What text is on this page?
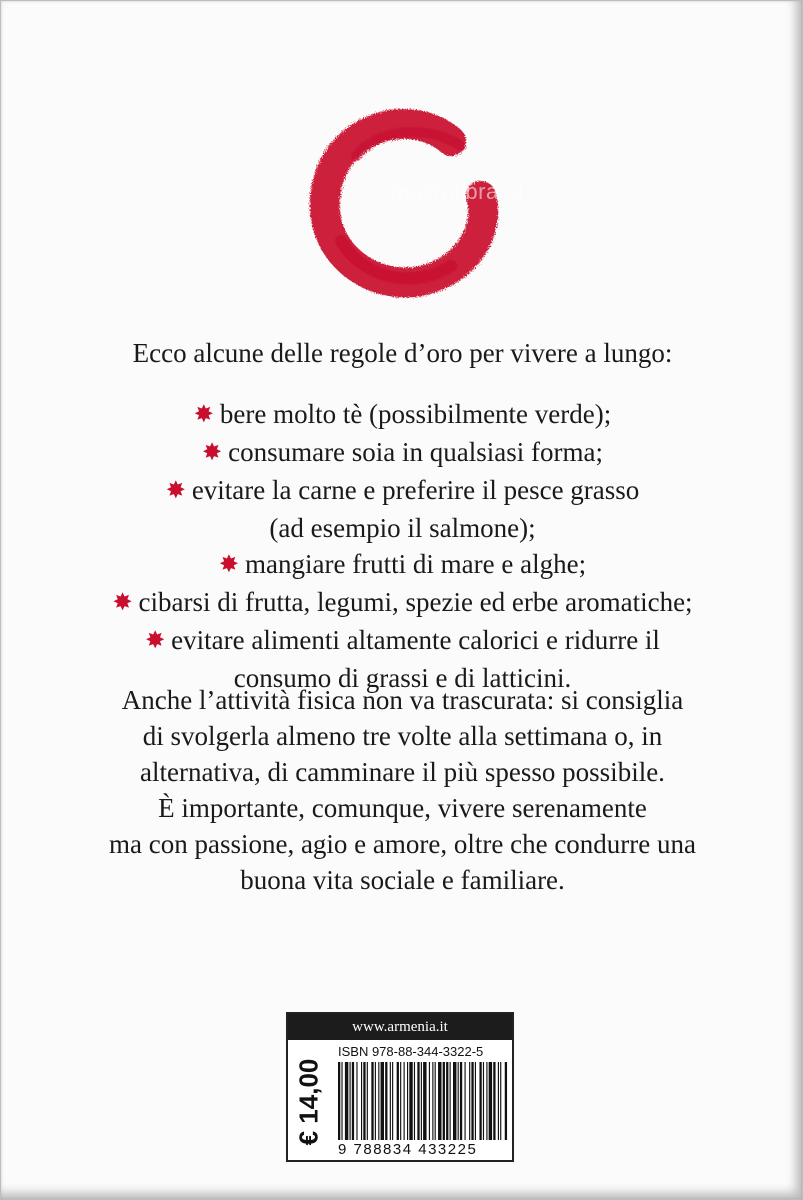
macrolibrarsi
Ecco alcune delle regole d’oro per vivere a lungo:
✸ bere molto tè (possibilmente verde);
✸ consumare soia in qualsiasi forma;
✸ evitare la carne e preferire il pesce grasso
(ad esempio il salmone);
✸ mangiare frutti di mare e alghe;
✸ cibarsi di frutta, legumi, spezie ed erbe aromatiche;
✸ evitare alimenti altamente calorici e ridurre il
consumo di grassi e di latticini.
Anche l’attività fisica non va trascurata: si consiglia
di svolgerla almeno tre volte alla settimana o, in
alternativa, di camminare il più spesso possibile.
È importante, comunque, vivere serenamente
ma con passione, agio e amore, oltre che condurre una
buona vita sociale e familiare.
www.armenia.it
€ 14,00
ISBN 978-88-344-3322-5
9 788834 433225
